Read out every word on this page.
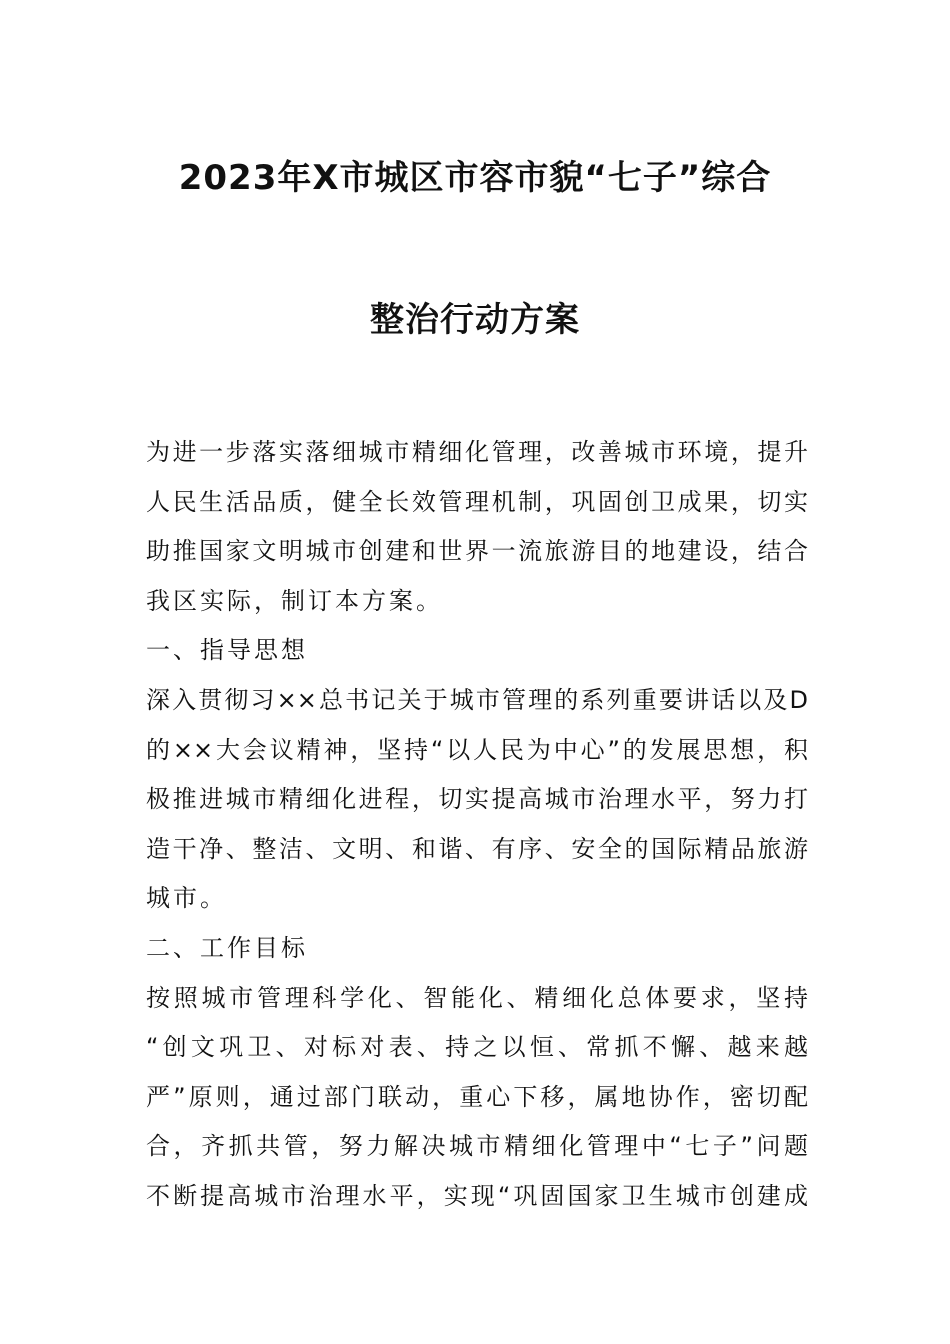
2023年X市城区市容市貌“七子”综合
整治行动方案
为进一步落实落细城市精细化管理，改善城市环境，提升
人民生活品质，健全长效管理机制，巩固创卫成果，切实
助推国家文明城市创建和世界一流旅游目的地建设，结合
我区实际，制订本方案。
一、指导思想
深入贯彻习××总书记关于城市管理的系列重要讲话以及D
的××大会议精神，坚持“以人民为中心”的发展思想，积
极推进城市精细化进程，切实提高城市治理水平，努力打
造干净、整洁、文明、和谐、有序、安全的国际精品旅游
城市。
二、工作目标
按照城市管理科学化、智能化、精细化总体要求，坚持
“创文巩卫、对标对表、持之以恒、常抓不懈、越来越
严”原则，通过部门联动，重心下移，属地协作，密切配
合，齐抓共管，努力解决城市精细化管理中“七子”问题
不断提高城市治理水平，实现“巩固国家卫生城市创建成
